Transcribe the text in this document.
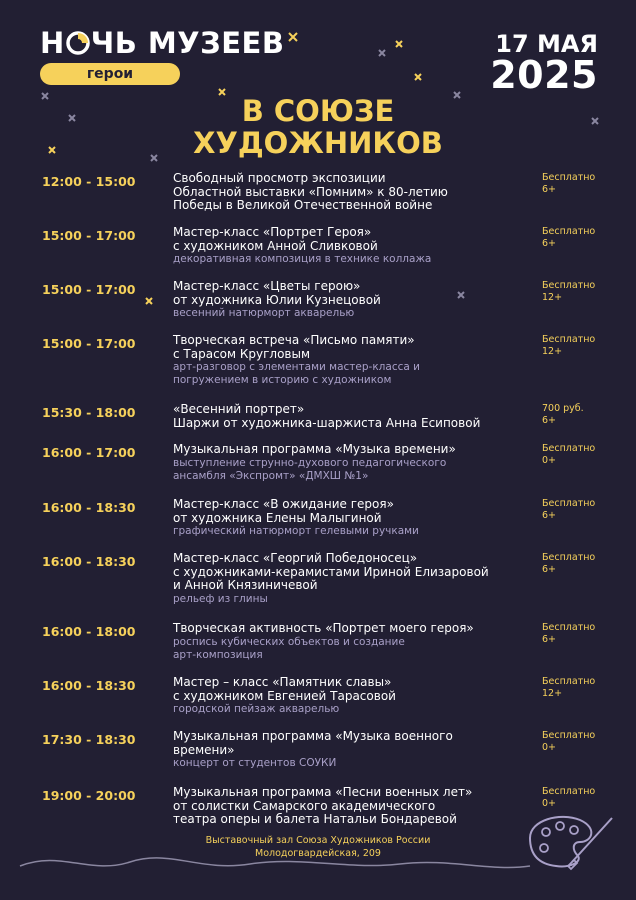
Н ЧЬ МУЗЕЕВ
герои
17 МАЯ
2025
В СОЮЗЕ
ХУДОЖНИКОВ
12:00 - 15:00	Свободный просмотр экспозиции
Областной выставки «Помним» к 80-летию
Победы в Великой Отечественной войне
Бесплатно
6+
15:00 - 17:00	Мастер-класс «Портрет Героя»
с художником Анной Сливковой
декоративная композиция в технике коллажа
Бесплатно
6+
15:00 - 17:00	Мастер-класс «Цветы герою»
от художника Юлии Кузнецовой
весенний натюрморт акварелью
Бесплатно
12+
15:00 - 17:00	Творческая встреча «Письмо памяти»
с Тарасом Кругловым
арт-разговор с элементами мастер-класса и
погружением в историю с художником
Бесплатно
12+
15:30 - 18:00	«Весенний портрет»
Шаржи от художника-шаржиста Анна Есиповой
700 руб.
6+
16:00 - 17:00	Музыкальная программа «Музыка времени»
выступление струнно-духового педагогического
ансамбля «Экспромт» «ДМХШ №1»
Бесплатно
0+
16:00 - 18:30	Мастер-класс «В ожидание героя»
от художника Елены Малыгиной
графический натюрморт гелевыми ручками
Бесплатно
6+
16:00 - 18:30	Мастер-класс «Георгий Победоносец»
с художниками-керамистами Ириной Елизаровой
и Анной Князиничевой
рельеф из глины
Бесплатно
6+
16:00 - 18:00	Творческая активность «Портрет моего героя»
роспись кубических объектов и создание
арт-композиция
Бесплатно
6+
16:00 - 18:30	Мастер – класс «Памятник славы»
с художником Евгенией Тарасовой
городской пейзаж акварелью
Бесплатно
12+
17:30 - 18:30	Музыкальная программа «Музыка военного
времени»
концерт от студентов СОУКИ
Бесплатно
0+
19:00 - 20:00	Музыкальная программа «Песни военных лет»
от солистки Самарского академического
театра оперы и балета Натальи Бондаревой
Бесплатно
0+
Выставочный зал Союза Художников России
Молодогвардейская, 209
